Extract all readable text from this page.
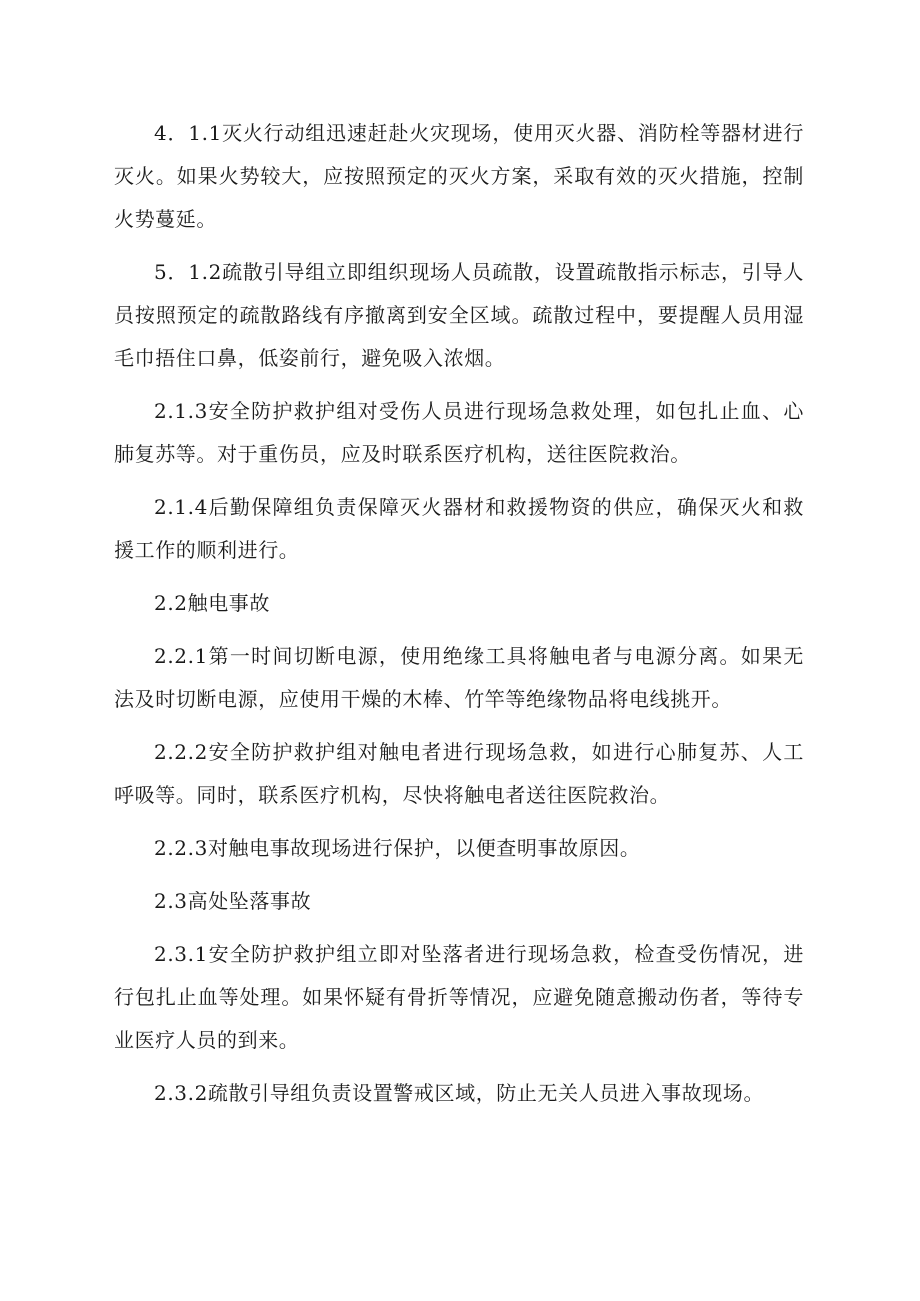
4．1.1灭火行动组迅速赶赴火灾现场，使用灭火器、消防栓等器材进行灭火。如果火势较大，应按照预定的灭火方案，采取有效的灭火措施，控制火势蔓延。

5．1.2疏散引导组立即组织现场人员疏散，设置疏散指示标志，引导人员按照预定的疏散路线有序撤离到安全区域。疏散过程中，要提醒人员用湿毛巾捂住口鼻，低姿前行，避免吸入浓烟。

2.1.3安全防护救护组对受伤人员进行现场急救处理，如包扎止血、心肺复苏等。对于重伤员，应及时联系医疗机构，送往医院救治。

2.1.4后勤保障组负责保障灭火器材和救援物资的供应，确保灭火和救援工作的顺利进行。

2.2触电事故

2.2.1第一时间切断电源，使用绝缘工具将触电者与电源分离。如果无法及时切断电源，应使用干燥的木棒、竹竿等绝缘物品将电线挑开。

2.2.2安全防护救护组对触电者进行现场急救，如进行心肺复苏、人工呼吸等。同时，联系医疗机构，尽快将触电者送往医院救治。

2.2.3对触电事故现场进行保护，以便查明事故原因。

2.3高处坠落事故

2.3.1安全防护救护组立即对坠落者进行现场急救，检查受伤情况，进行包扎止血等处理。如果怀疑有骨折等情况，应避免随意搬动伤者，等待专业医疗人员的到来。

2.3.2疏散引导组负责设置警戒区域，防止无关人员进入事故现场。
